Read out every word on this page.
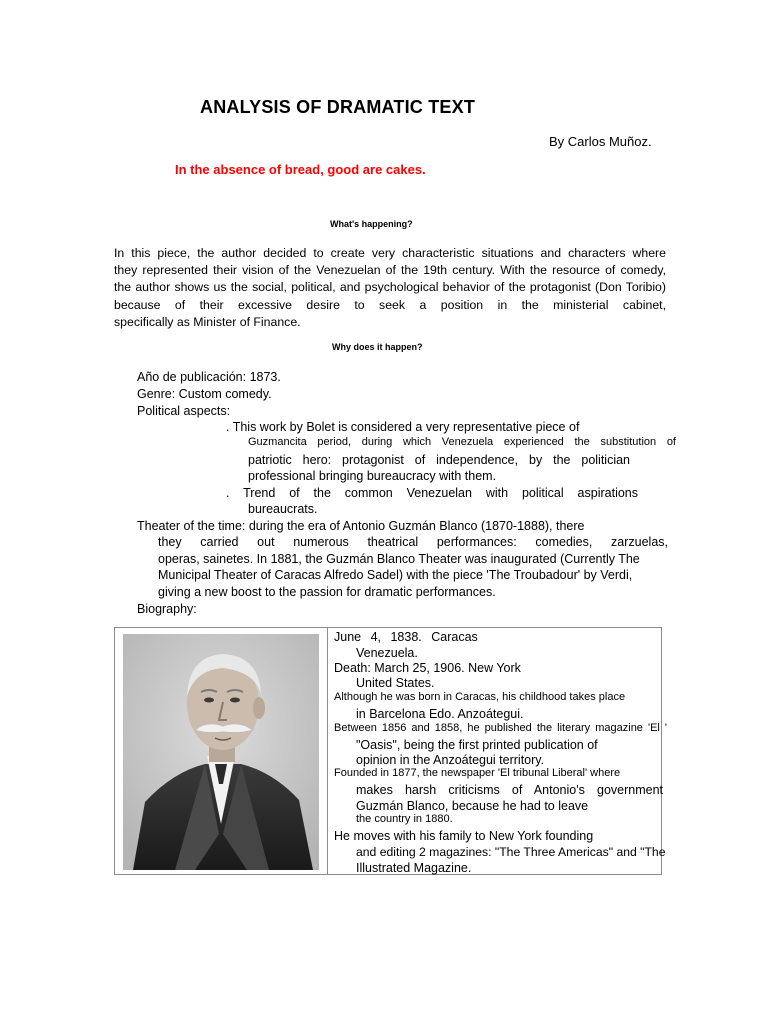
ANALYSIS OF DRAMATIC TEXT
By Carlos Muñoz.
In the absence of bread, good are cakes.
What's happening?
In this piece, the author decided to create very characteristic situations and characters where
they represented their vision of the Venezuelan of the 19th century. With the resource of comedy,
the author shows us the social, political, and psychological behavior of the protagonist (Don Toribio)
because of their excessive desire to seek a position in the ministerial cabinet,
specifically as Minister of Finance.
Why does it happen?
Año de publicación: 1873.
Genre: Custom comedy.
Political aspects:
. This work by Bolet is considered a very representative piece of
Guzmancita period, during which Venezuela experienced the substitution of
patriotic hero: protagonist of independence, by the politician
professional bringing bureaucracy with them.
. Trend of the common Venezuelan with political aspirations
bureaucrats.
Theater of the time: during the era of Antonio Guzmán Blanco (1870-1888), there
they carried out numerous theatrical performances: comedies, zarzuelas,
operas, sainetes. In 1881, the Guzmán Blanco Theater was inaugurated (Currently The
Municipal Theater of Caracas Alfredo Sadel) with the piece 'The Troubadour' by Verdi,
giving a new boost to the passion for dramatic performances.
Biography:
June 4, 1838. Caracas
Venezuela.
Death: March 25, 1906. New York
United States.
Although he was born in Caracas, his childhood takes place
in Barcelona Edo. Anzoátegui.
Between 1856 and 1858, he published the literary magazine 'El '
"Oasis", being the first printed publication of
opinion in the Anzoátegui territory.
Founded in 1877, the newspaper 'El tribunal Liberal' where
makes harsh criticisms of Antonio's government
Guzmán Blanco, because he had to leave
the country in 1880.
He moves with his family to New York founding
and editing 2 magazines: "The Three Americas" and "The
Illustrated Magazine.
